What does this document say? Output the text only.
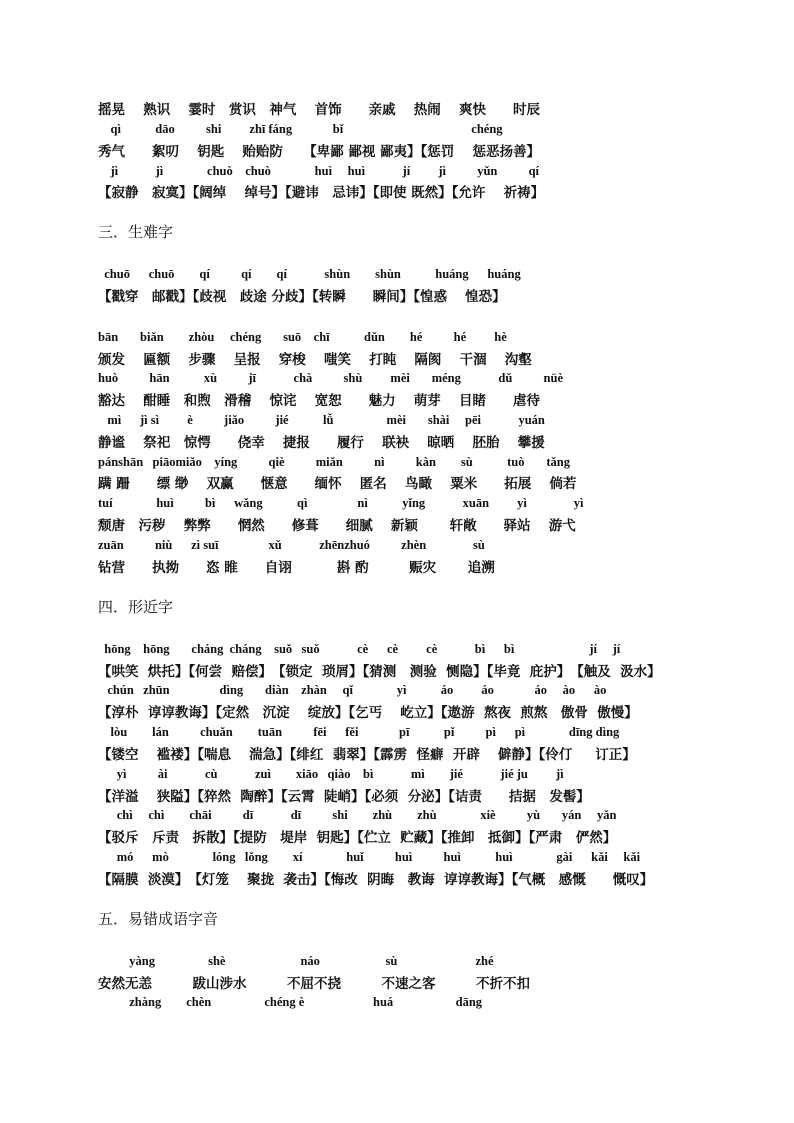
摇晃　 熟识　 霎时　赏识　神气　 首饰　　亲戚　 热闹　 爽快　　时辰
qì           dāo          shi         zhī fáng             bǐ                                         chéng
秀气　　絮叨　 钥匙　 贻贻防　　【卑鄙 鄙视 鄙夷】【惩罚　 惩恶扬善】
jì            jì              chuò    chuò              huì     huì            jí         jì          yǔn          qí
【寂静　寂寞】【阔绰　 绰号】【避讳　忌讳】【即使 既然】【允许　 祈祷】
三．生难字
chuō      chuō        qí          qí        qí            shùn        shùn           huáng      huáng
【戳穿　邮戳】【歧视　歧途 分歧】【转瞬　　瞬间】【惶惑　 惶恐】
bān       biǎn        zhòu     chéng       suō    chī           dǔn        hé          hé         hè
颁发　 匾额　 步骤　 呈报　 穿梭　 嗤笑　 打盹　 隔阂　 干涸　 沟壑
huò          hān           xù          jī            chà          shù         mèi       méng            dǔ          nüè
豁达　 酣睡　和煦　滑稽　 惊诧　 宽恕　　魅力　 萌芽　 目睹　　虐待
mì      jì sì         è          jiǎo          jié           lǚ                 mèi       shài     pēi            yuán
静谧　 祭祀　惊愕　　侥幸　 捷报　　履行　 联袂　 晾晒　 胚胎　 攀援
pánshān   piāomiǎo    yíng          qiè          miǎn          nì          kàn        sù           tuò       tǎng
蹒 跚　　缥 缈　 双赢　　惬意　　缅怀　 匿名　 鸟瞰　 粟米　　拓展　 倘若
tuí              huì          bì      wǎng           qì                nì           yǐng            xuān         yì               yì
颓唐　污秽　 弊弊　　惘然　　修葺　　细腻　 新颖　　 轩敞　　驿站　 游弋
zuān          niù      zì suī                xǔ            zhēnzhuó          zhèn               sù
钻营　　执拗　　恣 睢　　自诩　　　 斟 酌　　　赈灾　　 追溯
四．形近字
hōng    hōng       cháng  cháng    suǒ   suǒ            cè      cè         cè            bì      bì                        jí     jí
【哄笑  烘托】【何尝  赔偿】　【锁定  琐屑】【猜测　测验  恻隐】【毕竟  庇护】　【触及  汲水】
chún   zhūn                dìng       diàn    zhàn     qǐ              yì           áo         áo             áo     ào      ào
【淳朴  谆谆教诲】【定然　沉淀　 绽放】【乞丐　 屹立】【遨游  熬夜  煎熬　傲骨  傲慢】
lòu        lán          chuǎn        tuān          fēi      fěi             pī           pǐ          pì      pì              dīng dìng
【镂空　 褴褛】【喘息　 湍急】【绯红  翡翠】【霹雳  怪癖  开辟　 僻静】【伶仃　  订正】
yì          ài            cù            zuì        xiāo   qiào    bì            mì        jié            jié ju         jì
【洋溢　 狭隘】【猝然  陶醉】【云霄  陡峭】【必须  分泌】【诘责　　拮据　发髻】
chì     chì        chāi          dī            dī          shi        zhù        zhù              xiè          yù       yán     yǎn
【驳斥　斥责　拆散】【提防　堤岸  钥匙】【伫立  贮藏】【推卸　抵御】【严肃　俨然】
mó      mò              lóng   lǒng        xí              huǐ          huì          huì           huì              gài      kǎi     kǎi
【隔膜  淡漠】　【灯笼　 聚拢  袭击】【悔改  阴晦　教诲  谆谆教诲】【气概　感慨　　慨叹】
五．易错成语字音
yàng                 shè                        náo                     sù                         zhé
安然无恙　　　跋山涉水　　　不屈不挠　　　不速之客　　　不折不扣
zhàng        chèn                 chéng è                      huá                    dāng
